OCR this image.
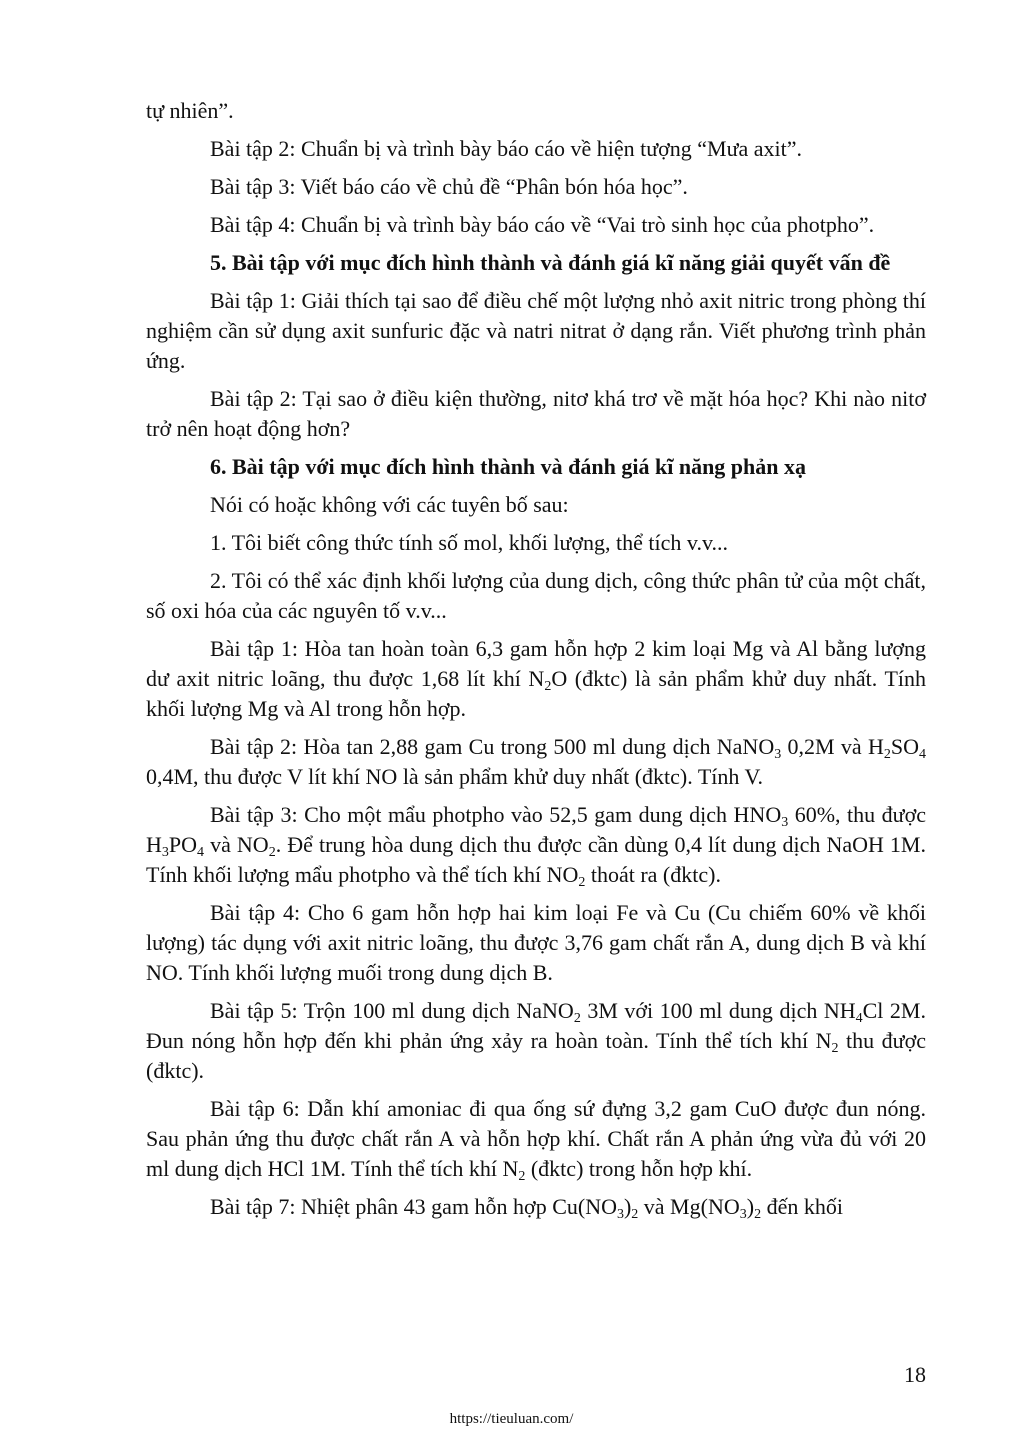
tự nhiên”.

Bài tập 2: Chuẩn bị và trình bày báo cáo về hiện tượng “Mưa axit”.

Bài tập 3: Viết báo cáo về chủ đề “Phân bón hóa học”.

Bài tập 4: Chuẩn bị và trình bày báo cáo về “Vai trò sinh học của photpho”.

5. Bài tập với mục đích hình thành và đánh giá kĩ năng giải quyết vấn đề

Bài tập 1: Giải thích tại sao để điều chế một lượng nhỏ axit nitric trong phòng thí nghiệm cần sử dụng axit sunfuric đặc và natri nitrat ở dạng rắn. Viết phương trình phản ứng.

Bài tập 2: Tại sao ở điều kiện thường, nitơ khá trơ về mặt hóa học? Khi nào nitơ trở nên hoạt động hơn?

6. Bài tập với mục đích hình thành và đánh giá kĩ năng phản xạ

Nói có hoặc không với các tuyên bố sau:

1. Tôi biết công thức tính số mol, khối lượng, thể tích v.v...

2. Tôi có thể xác định khối lượng của dung dịch, công thức phân tử của một chất, số oxi hóa của các nguyên tố v.v...

Bài tập 1: Hòa tan hoàn toàn 6,3 gam hỗn hợp 2 kim loại Mg và Al bằng lượng dư axit nitric loãng, thu được 1,68 lít khí $N_2O$ (đktc) là sản phẩm khử duy nhất. Tính khối lượng Mg và Al trong hỗn hợp.

Bài tập 2: Hòa tan 2,88 gam Cu trong 500 ml dung dịch NaNO$_3$ 0,2M và $H_2SO_4$ 0,4M, thu được V lít khí NO là sản phẩm khử duy nhất (đktc). Tính V.

Bài tập 3: Cho một mẩu photpho vào 52,5 gam dung dịch $HNO_3$ 60%, thu được $H_3PO_4$ và $NO_2$. Để trung hòa dung dịch thu được cần dùng 0,4 lít dung dịch NaOH 1M. Tính khối lượng mẩu photpho và thể tích khí $NO_2$ thoát ra (đktc).

Bài tập 4: Cho 6 gam hỗn hợp hai kim loại Fe và Cu (Cu chiếm 60% về khối lượng) tác dụng với axit nitric loãng, thu được 3,76 gam chất rắn A, dung dịch B và khí NO. Tính khối lượng muối trong dung dịch B.

Bài tập 5: Trộn 100 ml dung dịch NaNO$_2$ 3M với 100 ml dung dịch $NH_4Cl$ 2M. Đun nóng hỗn hợp đến khi phản ứng xảy ra hoàn toàn. Tính thể tích khí $N_2$ thu được (đktc).

Bài tập 6: Dẫn khí amoniac đi qua ống sứ đựng 3,2 gam CuO được đun nóng. Sau phản ứng thu được chất rắn A và hỗn hợp khí. Chất rắn A phản ứng vừa đủ với 20 ml dung dịch HCl 1M. Tính thể tích khí $N_2$ (đktc) trong hỗn hợp khí.

Bài tập 7: Nhiệt phân 43 gam hỗn hợp $Cu(NO_3)_2$ và $Mg(NO_3)_2$ đến khối

18
https://tieuluan.com/
